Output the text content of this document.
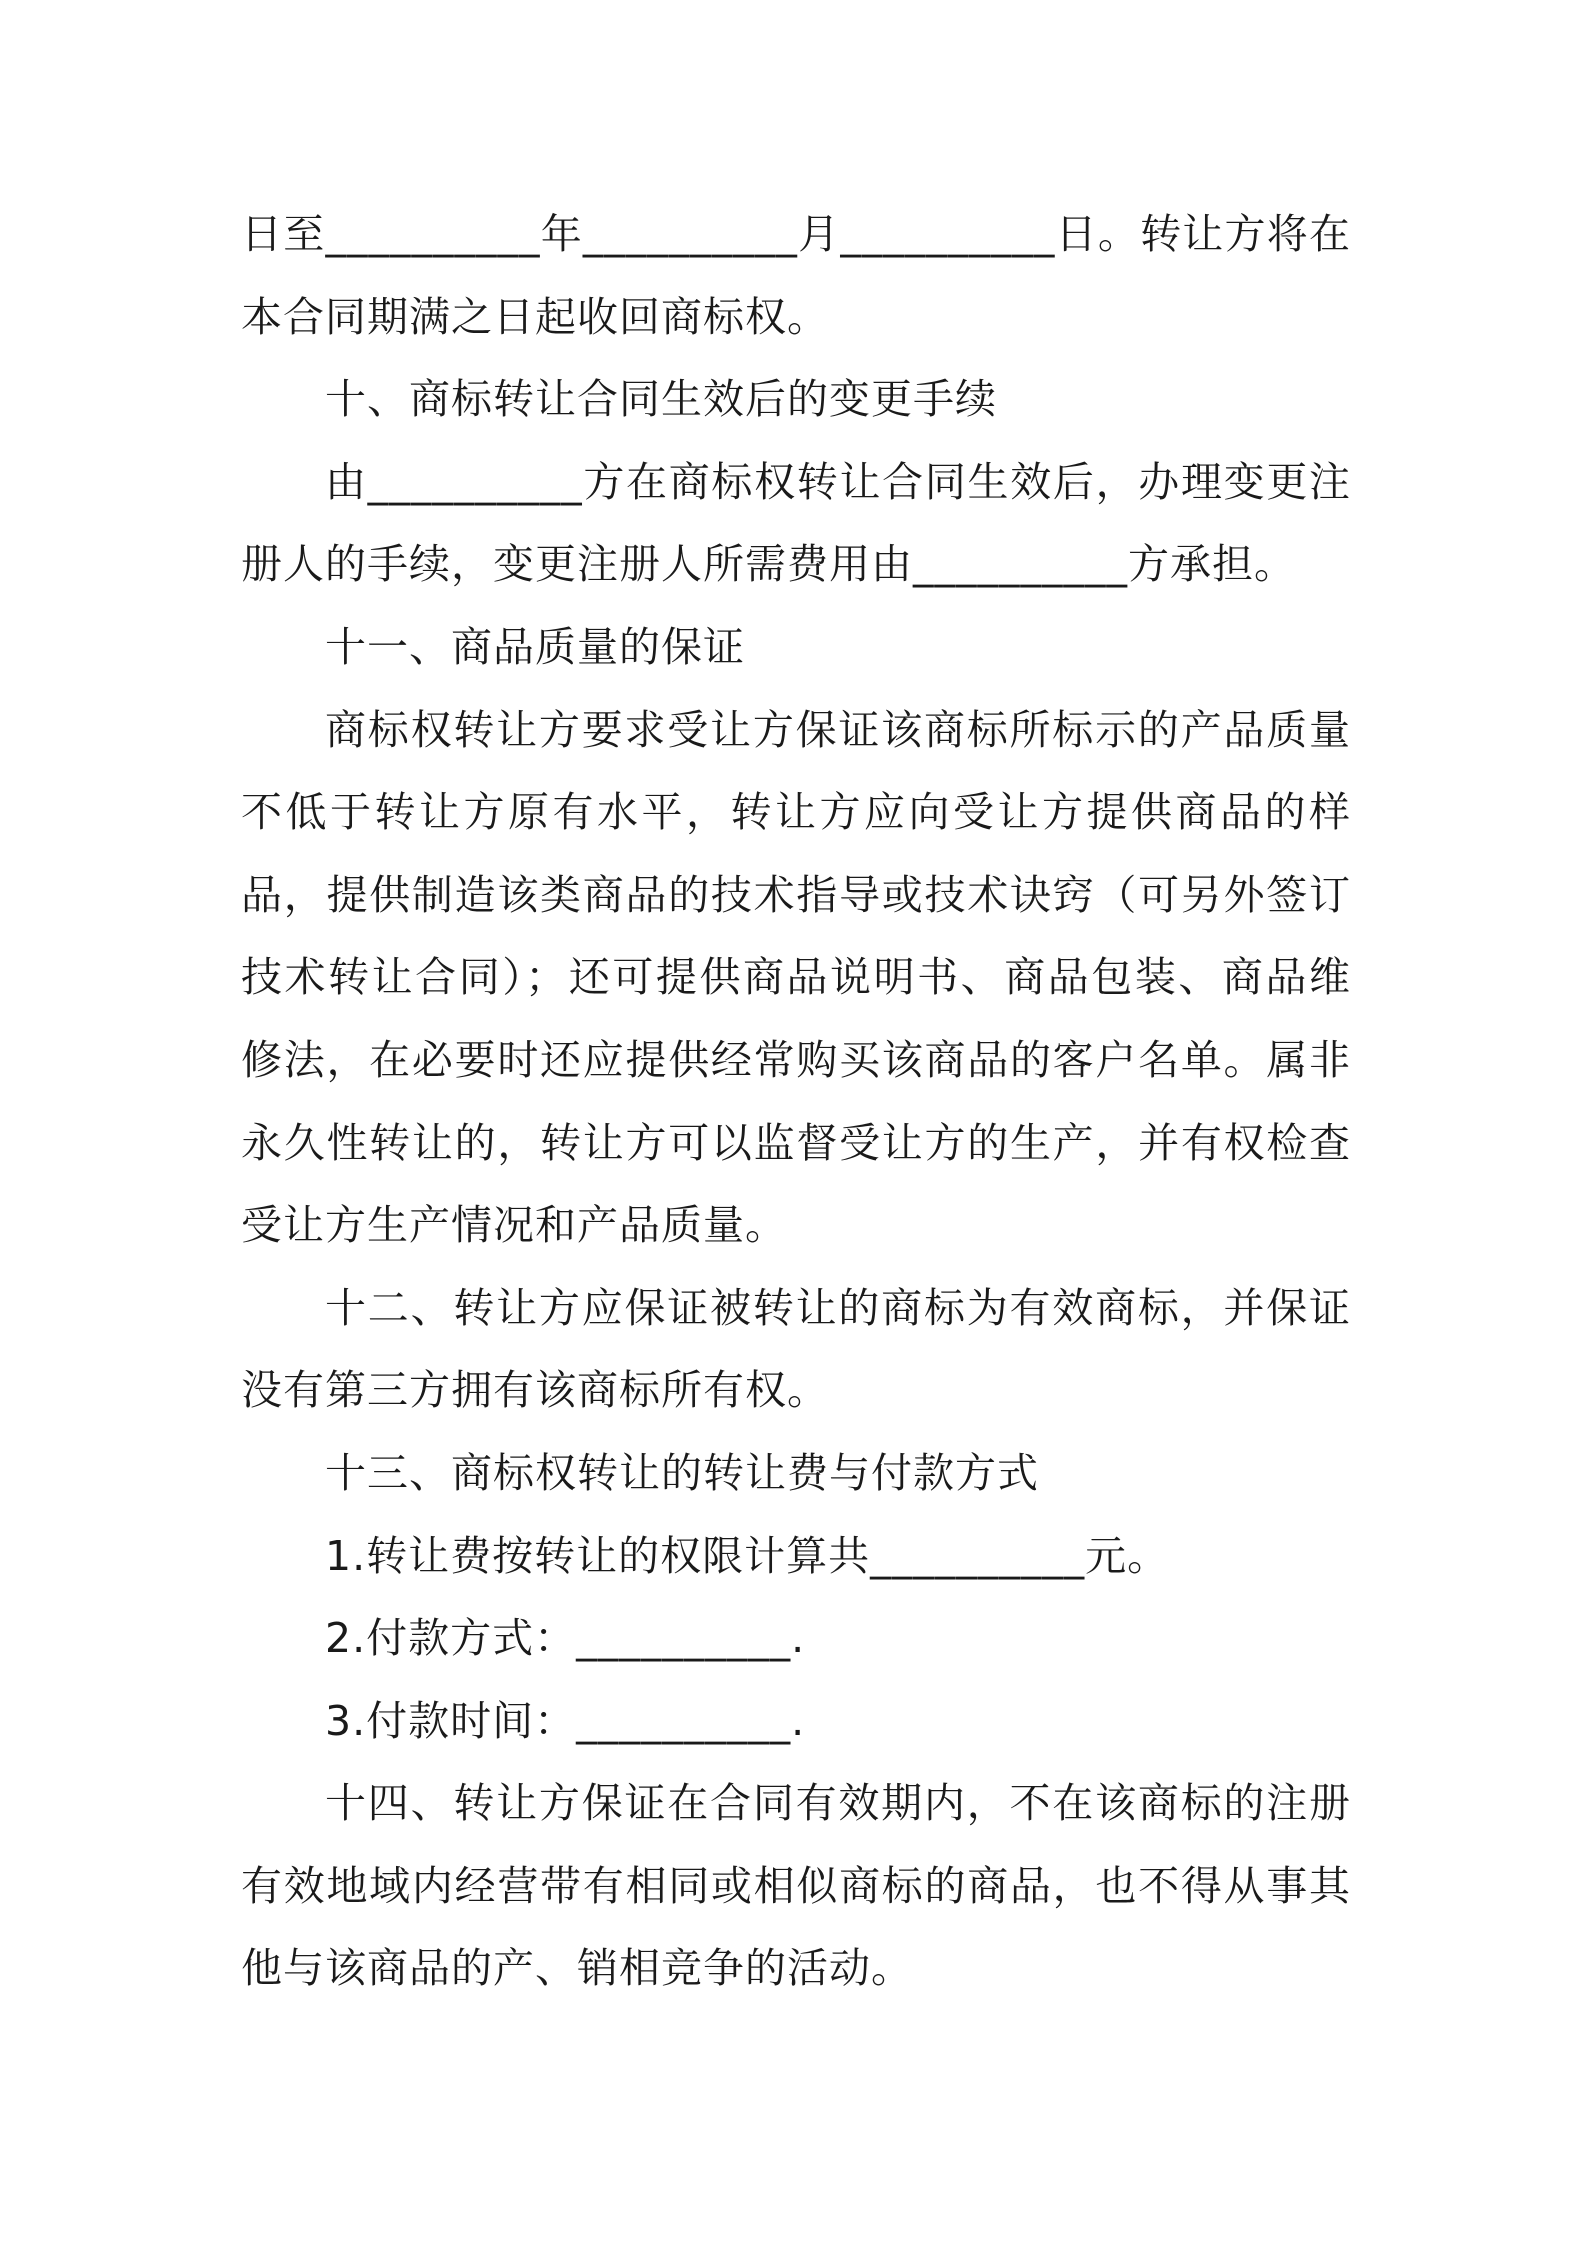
日至__________年__________月__________日。转让方将在本合同期满之日起收回商标权。

十、商标转让合同生效后的变更手续

由__________方在商标权转让合同生效后，办理变更注册人的手续，变更注册人所需费用由__________方承担。

十一、商品质量的保证

商标权转让方要求受让方保证该商标所标示的产品质量不低于转让方原有水平，转让方应向受让方提供商品的样品，提供制造该类商品的技术指导或技术诀窍（可另外签订技术转让合同）；还可提供商品说明书、商品包装、商品维修法，在必要时还应提供经常购买该商品的客户名单。属非永久性转让的，转让方可以监督受让方的生产，并有权检查受让方生产情况和产品质量。

十二、转让方应保证被转让的商标为有效商标，并保证没有第三方拥有该商标所有权。

十三、商标权转让的转让费与付款方式

1.转让费按转让的权限计算共__________元。

2.付款方式：__________.

3.付款时间：__________.

十四、转让方保证在合同有效期内，不在该商标的注册有效地域内经营带有相同或相似商标的商品，也不得从事其他与该商品的产、销相竞争的活动。
